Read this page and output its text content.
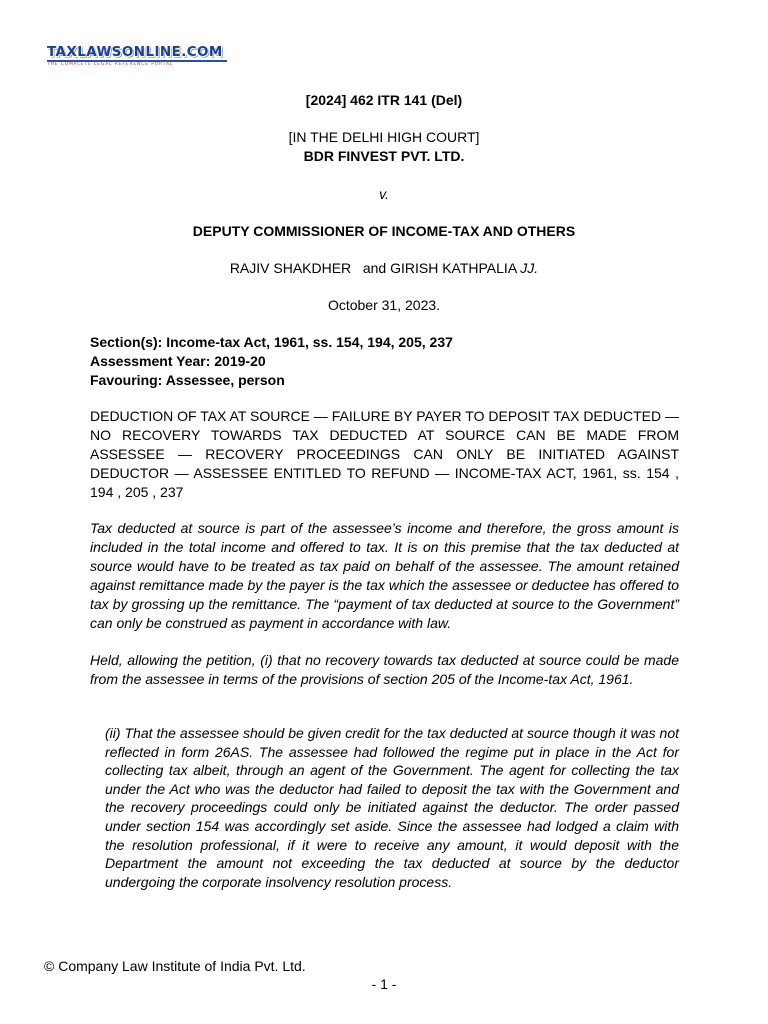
TAXLAWSONLINE.COM
THE COMPLETE LEGAL REFERENCE PORTAL
[2024] 462 ITR 141 (Del)
[IN THE DELHI HIGH COURT]
BDR FINVEST PVT. LTD.
v.
DEPUTY COMMISSIONER OF INCOME-TAX AND OTHERS
RAJIV SHAKDHER   and GIRISH KATHPALIA JJ.
October 31, 2023.
Section(s): Income-tax Act, 1961, ss. 154, 194, 205, 237
Assessment Year: 2019-20
Favouring: Assessee, person
DEDUCTION OF TAX AT SOURCE — FAILURE BY PAYER TO DEPOSIT TAX DEDUCTED — NO RECOVERY TOWARDS TAX DEDUCTED AT SOURCE CAN BE MADE FROM ASSESSEE — RECOVERY PROCEEDINGS CAN ONLY BE INITIATED AGAINST DEDUCTOR — ASSESSEE ENTITLED TO REFUND — INCOME-TAX ACT, 1961, ss. 154 , 194 , 205 , 237
Tax deducted at source is part of the assessee’s income and therefore, the gross amount is included in the total income and offered to tax. It is on this premise that the tax deducted at source would have to be treated as tax paid on behalf of the assessee. The amount retained against remittance made by the payer is the tax which the assessee or deductee has offered to tax by grossing up the remittance. The “payment of tax deducted at source to the Government” can only be construed as payment in accordance with law.
Held, allowing the petition, (i) that no recovery towards tax deducted at source could be made from the assessee in terms of the provisions of section 205 of the Income-tax Act, 1961.
(ii) That the assessee should be given credit for the tax deducted at source though it was not reflected in form 26AS. The assessee had followed the regime put in place in the Act for collecting tax albeit, through an agent of the Government. The agent for collecting the tax under the Act who was the deductor had failed to deposit the tax with the Government and the recovery proceedings could only be initiated against the deductor. The order passed under section 154 was accordingly set aside. Since the assessee had lodged a claim with the resolution professional, if it were to receive any amount, it would deposit with the Department the amount not exceeding the tax deducted at source by the deductor undergoing the corporate insolvency resolution process.
© Company Law Institute of India Pvt. Ltd.
- 1 -
